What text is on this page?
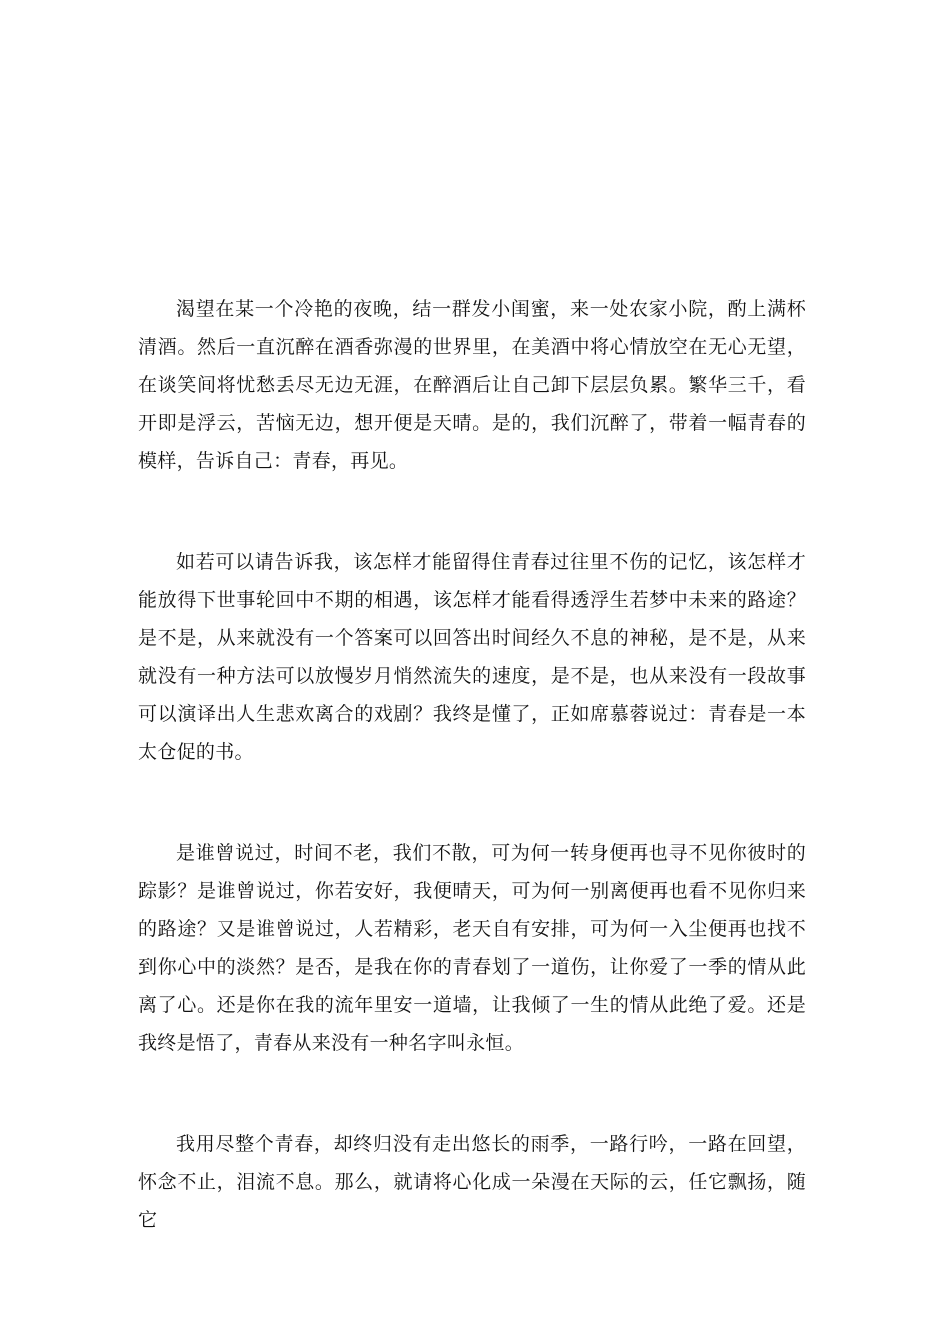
渴望在某一个冷艳的夜晚，结一群发小闺蜜，来一处农家小院，酌上满杯清酒。然后一直沉醉在酒香弥漫的世界里，在美酒中将心情放空在无心无望，在谈笑间将忧愁丢尽无边无涯，在醉酒后让自己卸下层层负累。繁华三千，看开即是浮云，苦恼无边，想开便是天晴。是的，我们沉醉了，带着一幅青春的模样，告诉自己：青春，再见。

如若可以请告诉我，该怎样才能留得住青春过往里不伤的记忆，该怎样才能放得下世事轮回中不期的相遇，该怎样才能看得透浮生若梦中未来的路途？是不是，从来就没有一个答案可以回答出时间经久不息的神秘，是不是，从来就没有一种方法可以放慢岁月悄然流失的速度，是不是，也从来没有一段故事可以演译出人生悲欢离合的戏剧？我终是懂了，正如席慕蓉说过：青春是一本太仓促的书。

是谁曾说过，时间不老，我们不散，可为何一转身便再也寻不见你彼时的踪影？是谁曾说过，你若安好，我便晴天，可为何一别离便再也看不见你归来的路途？又是谁曾说过，人若精彩，老天自有安排，可为何一入尘便再也找不到你心中的淡然？是否，是我在你的青春划了一道伤，让你爱了一季的情从此离了心。还是你在我的流年里安一道墙，让我倾了一生的情从此绝了爱。还是我终是悟了，青春从来没有一种名字叫永恒。

我用尽整个青春，却终归没有走出悠长的雨季，一路行吟，一路在回望，怀念不止，泪流不息。那么，就请将心化成一朵漫在天际的云，任它飘扬，随它
